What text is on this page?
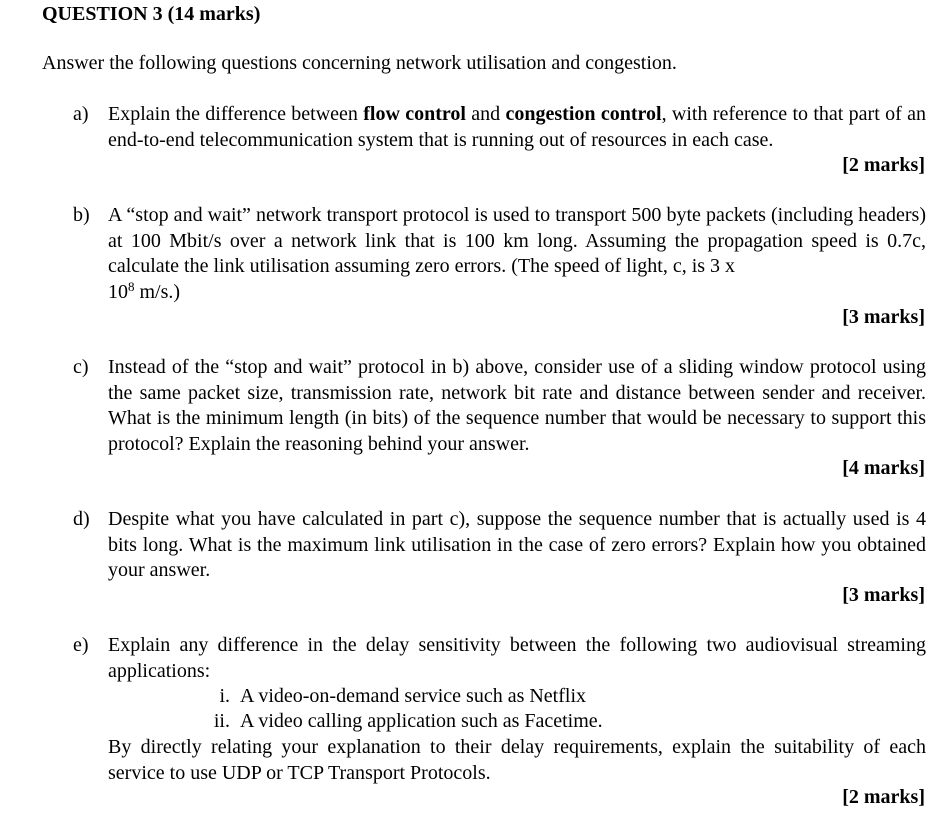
QUESTION 3 (14 marks)
Answer the following questions concerning network utilisation and congestion.
a) Explain the difference between flow control and congestion control, with reference to that part of an end-to-end telecommunication system that is running out of resources in each case.
[2 marks]
b) A “stop and wait” network transport protocol is used to transport 500 byte packets (including headers) at 100 Mbit/s over a network link that is 100 km long. Assuming the propagation speed is 0.7c, calculate the link utilisation assuming zero errors. (The speed of light, c, is 3 x
$10^8$ m/s.)
[3 marks]
c) Instead of the “stop and wait” protocol in b) above, consider use of a sliding window protocol using the same packet size, transmission rate, network bit rate and distance between sender and receiver. What is the minimum length (in bits) of the sequence number that would be necessary to support this protocol? Explain the reasoning behind your answer.
[4 marks]
d) Despite what you have calculated in part c), suppose the sequence number that is actually used is 4 bits long. What is the maximum link utilisation in the case of zero errors? Explain how you obtained your answer.
[3 marks]
e) Explain any difference in the delay sensitivity between the following two audiovisual streaming applications:
i. A video-on-demand service such as Netflix
ii. A video calling application such as Facetime.
By directly relating your explanation to their delay requirements, explain the suitability of each service to use UDP or TCP Transport Protocols.
[2 marks]
